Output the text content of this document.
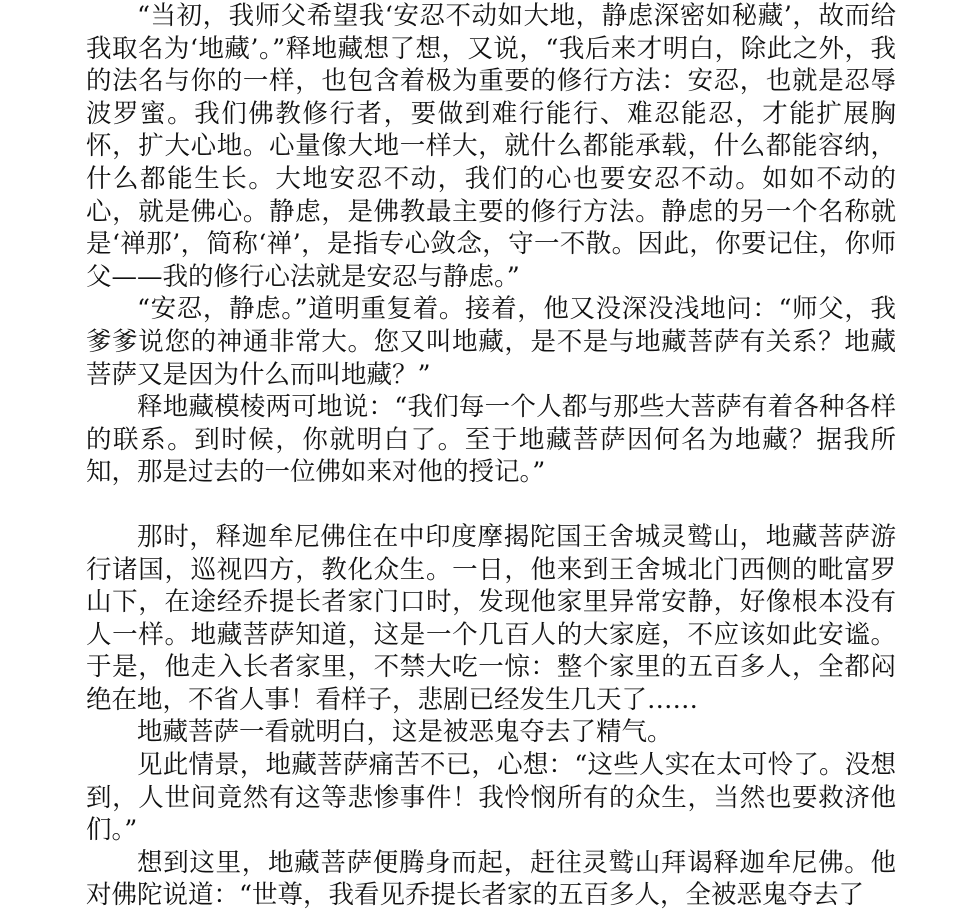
“当初，我师父希望我‘安忍不动如大地，静虑深密如秘藏’，故而给我取名为‘地藏’。”释地藏想了想，又说，“我后来才明白，除此之外，我的法名与你的一样，也包含着极为重要的修行方法：安忍，也就是忍辱波罗蜜。我们佛教修行者，要做到难行能行、难忍能忍，才能扩展胸怀，扩大心地。心量像大地一样大，就什么都能承载，什么都能容纳，什么都能生长。大地安忍不动，我们的心也要安忍不动。如如不动的心，就是佛心。静虑，是佛教最主要的修行方法。静虑的另一个名称就是‘禅那’，简称‘禅’，是指专心敛念，守一不散。因此，你要记住，你师父——我的修行心法就是安忍与静虑。”

“安忍，静虑。”道明重复着。接着，他又没深没浅地问：“师父，我爹爹说您的神通非常大。您又叫地藏，是不是与地藏菩萨有关系？地藏菩萨又是因为什么而叫地藏？”

释地藏模棱两可地说：“我们每一个人都与那些大菩萨有着各种各样的联系。到时候，你就明白了。至于地藏菩萨因何名为地藏？据我所知，那是过去的一位佛如来对他的授记。”

那时，释迦牟尼佛住在中印度摩揭陀国王舍城灵鹫山，地藏菩萨游行诸国，巡视四方，教化众生。一日，他来到王舍城北门西侧的毗富罗山下，在途经乔提长者家门口时，发现他家里异常安静，好像根本没有人一样。地藏菩萨知道，这是一个几百人的大家庭，不应该如此安谧。于是，他走入长者家里，不禁大吃一惊：整个家里的五百多人，全都闷绝在地，不省人事！看样子，悲剧已经发生几天了……

地藏菩萨一看就明白，这是被恶鬼夺去了精气。

见此情景，地藏菩萨痛苦不已，心想：“这些人实在太可怜了。没想到，人世间竟然有这等悲惨事件！我怜悯所有的众生，当然也要救济他们。”

想到这里，地藏菩萨便腾身而起，赶往灵鹫山拜谒释迦牟尼佛。他对佛陀说道：“世尊，我看见乔提长者家的五百多人，全被恶鬼夺去了
